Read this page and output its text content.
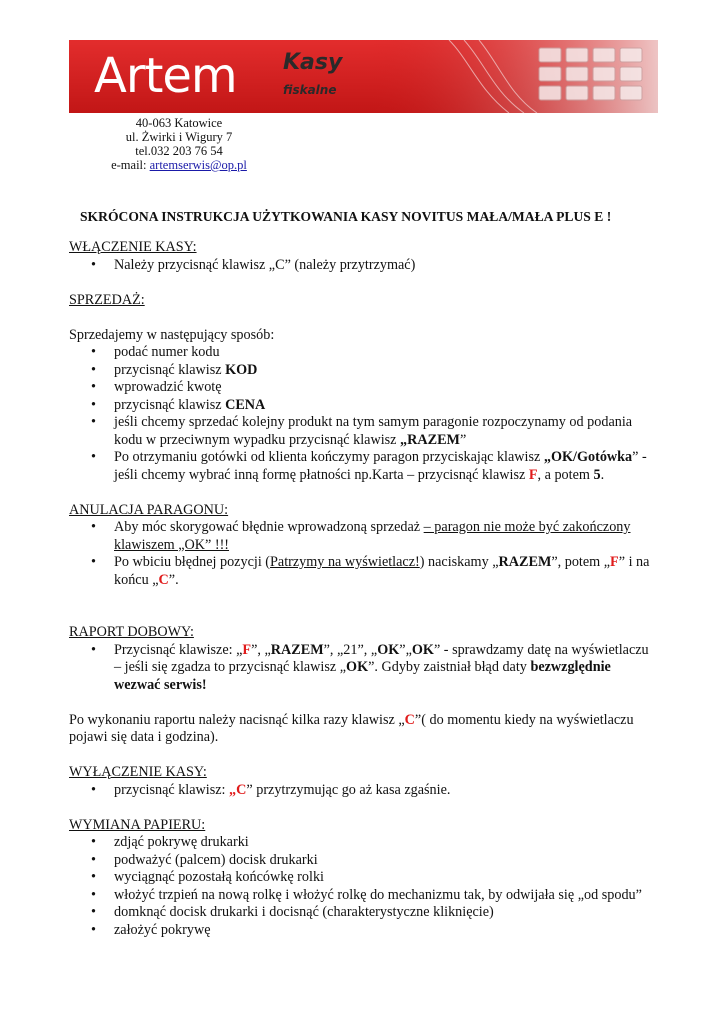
Artem Kasy
fiskalne
40-063 Katowice
ul. Żwirki i Wigury 7
tel.032 203 76 54
e-mail: artemserwis@op.pl
SKRÓCONA INSTRUKCJA UŻYTKOWANIA KASY NOVITUS MAŁA/MAŁA PLUS E !

WŁĄCZENIE KASY:

• Należy przycisnąć klawisz „C” (należy przytrzymać)

SPRZEDAŻ:

Sprzedajemy w następujący sposób:

• podać numer kodu
• przycisnąć klawisz KOD
• wprowadzić kwotę
• przycisnąć klawisz CENA
• jeśli chcemy sprzedać kolejny produkt na tym samym paragonie rozpoczynamy od podania kodu w przeciwnym wypadku przycisnąć klawisz „RAZEM”
• Po otrzymaniu gotówki od klienta kończymy paragon przyciskając klawisz „OK/Gotówka” - jeśli chcemy wybrać inną formę płatności np.Karta – przycisnąć klawisz F, a potem 5.

ANULACJA PARAGONU:

• Aby móc skorygować błędnie wprowadzoną sprzedaż – paragon nie może być zakończony klawiszem „OK” !!!
• Po wbiciu błędnej pozycji (Patrzymy na wyświetlacz!) naciskamy „RAZEM”, potem „F” i na końcu „C”.

RAPORT DOBOWY:

• Przycisnąć klawisze: „F”, „RAZEM”, „21”, „OK”„OK” - sprawdzamy datę na wyświetlaczu – jeśli się zgadza to przycisnąć klawisz „OK”. Gdyby zaistniał błąd daty bezwzględnie wezwać serwis!

Po wykonaniu raportu należy nacisnąć kilka razy klawisz „C”( do momentu kiedy na wyświetlaczu pojawi się data i godzina).

WYŁĄCZENIE KASY:

• przycisnąć klawisz: „C” przytrzymując go aż kasa zgaśnie.

WYMIANA PAPIERU:

• zdjąć pokrywę drukarki
• podważyć (palcem) docisk drukarki
• wyciągnąć pozostałą końcówkę rolki
• włożyć trzpień na nową rolkę i włożyć rolkę do mechanizmu tak, by odwijała się „od spodu”
• domknąć docisk drukarki i docisnąć (charakterystyczne kliknięcie)
• założyć pokrywę
